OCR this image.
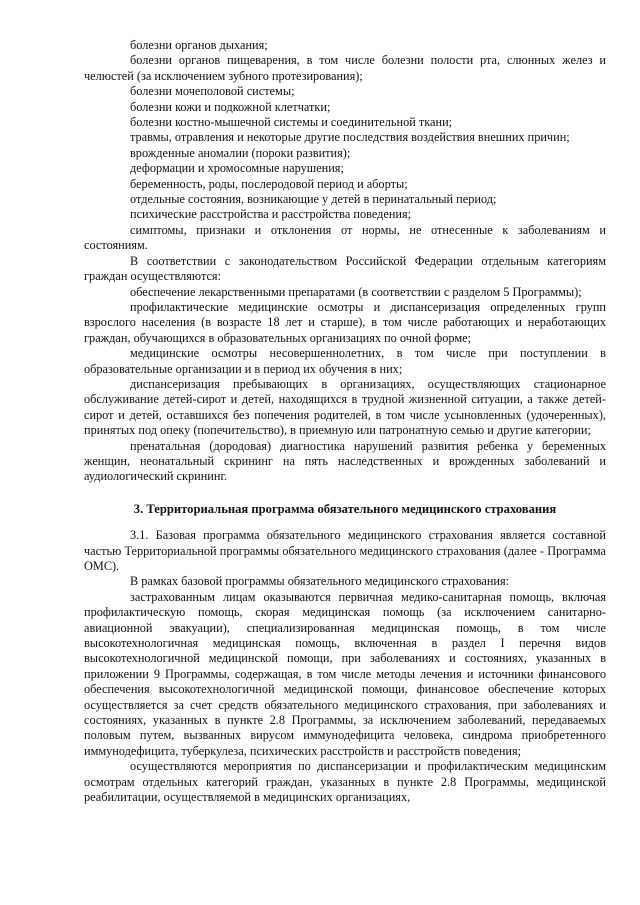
болезни органов дыхания;

болезни органов пищеварения, в том числе болезни полости рта, слюнных желез и челюстей (за исключением зубного протезирования);

болезни мочеполовой системы;

болезни кожи и подкожной клетчатки;

болезни костно-мышечной системы и соединительной ткани;

травмы, отравления и некоторые другие последствия воздействия внешних причин;

врожденные аномалии (пороки развития);

деформации и хромосомные нарушения;

беременность, роды, послеродовой период и аборты;

отдельные состояния, возникающие у детей в перинатальный период;

психические расстройства и расстройства поведения;

симптомы, признаки и отклонения от нормы, не отнесенные к заболеваниям и состояниям.

В соответствии с законодательством Российской Федерации отдельным категориям граждан осуществляются:

обеспечение лекарственными препаратами (в соответствии с разделом 5 Программы);

профилактические медицинские осмотры и диспансеризация определенных групп взрослого населения (в возрасте 18 лет и старше), в том числе работающих и неработающих граждан, обучающихся в образовательных организациях по очной форме;

медицинские осмотры несовершеннолетних, в том числе при поступлении в образовательные организации и в период их обучения в них;

диспансеризация пребывающих в организациях, осуществляющих стационарное обслуживание детей-сирот и детей, находящихся в трудной жизненной ситуации, а также детей-сирот и детей, оставшихся без попечения родителей, в том числе усыновленных (удочеренных), принятых под опеку (попечительство), в приемную или патронатную семью и другие категории;

пренатальная (дородовая) диагностика нарушений развития ребенка у беременных женщин, неонатальный скрининг на пять наследственных и врожденных заболеваний и аудиологический скрининг.

3. Территориальная программа обязательного медицинского страхования

3.1. Базовая программа обязательного медицинского страхования является составной частью Территориальной программы обязательного медицинского страхования (далее - Программа ОМС).

В рамках базовой программы обязательного медицинского страхования:

застрахованным лицам оказываются первичная медико-санитарная помощь, включая профилактическую помощь, скорая медицинская помощь (за исключением санитарно-авиационной эвакуации), специализированная медицинская помощь, в том числе высокотехнологичная медицинская помощь, включенная в раздел I перечня видов высокотехнологичной медицинской помощи, при заболеваниях и состояниях, указанных в приложении 9 Программы, содержащая, в том числе методы лечения и источники финансового обеспечения высокотехнологичной медицинской помощи, финансовое обеспечение которых осуществляется за счет средств обязательного медицинского страхования, при заболеваниях и состояниях, указанных в пункте 2.8 Программы, за исключением заболеваний, передаваемых половым путем, вызванных вирусом иммунодефицита человека, синдрома приобретенного иммунодефицита, туберкулеза, психических расстройств и расстройств поведения;

осуществляются мероприятия по диспансеризации и профилактическим медицинским осмотрам отдельных категорий граждан, указанных в пункте 2.8 Программы, медицинской реабилитации, осуществляемой в медицинских организациях,
